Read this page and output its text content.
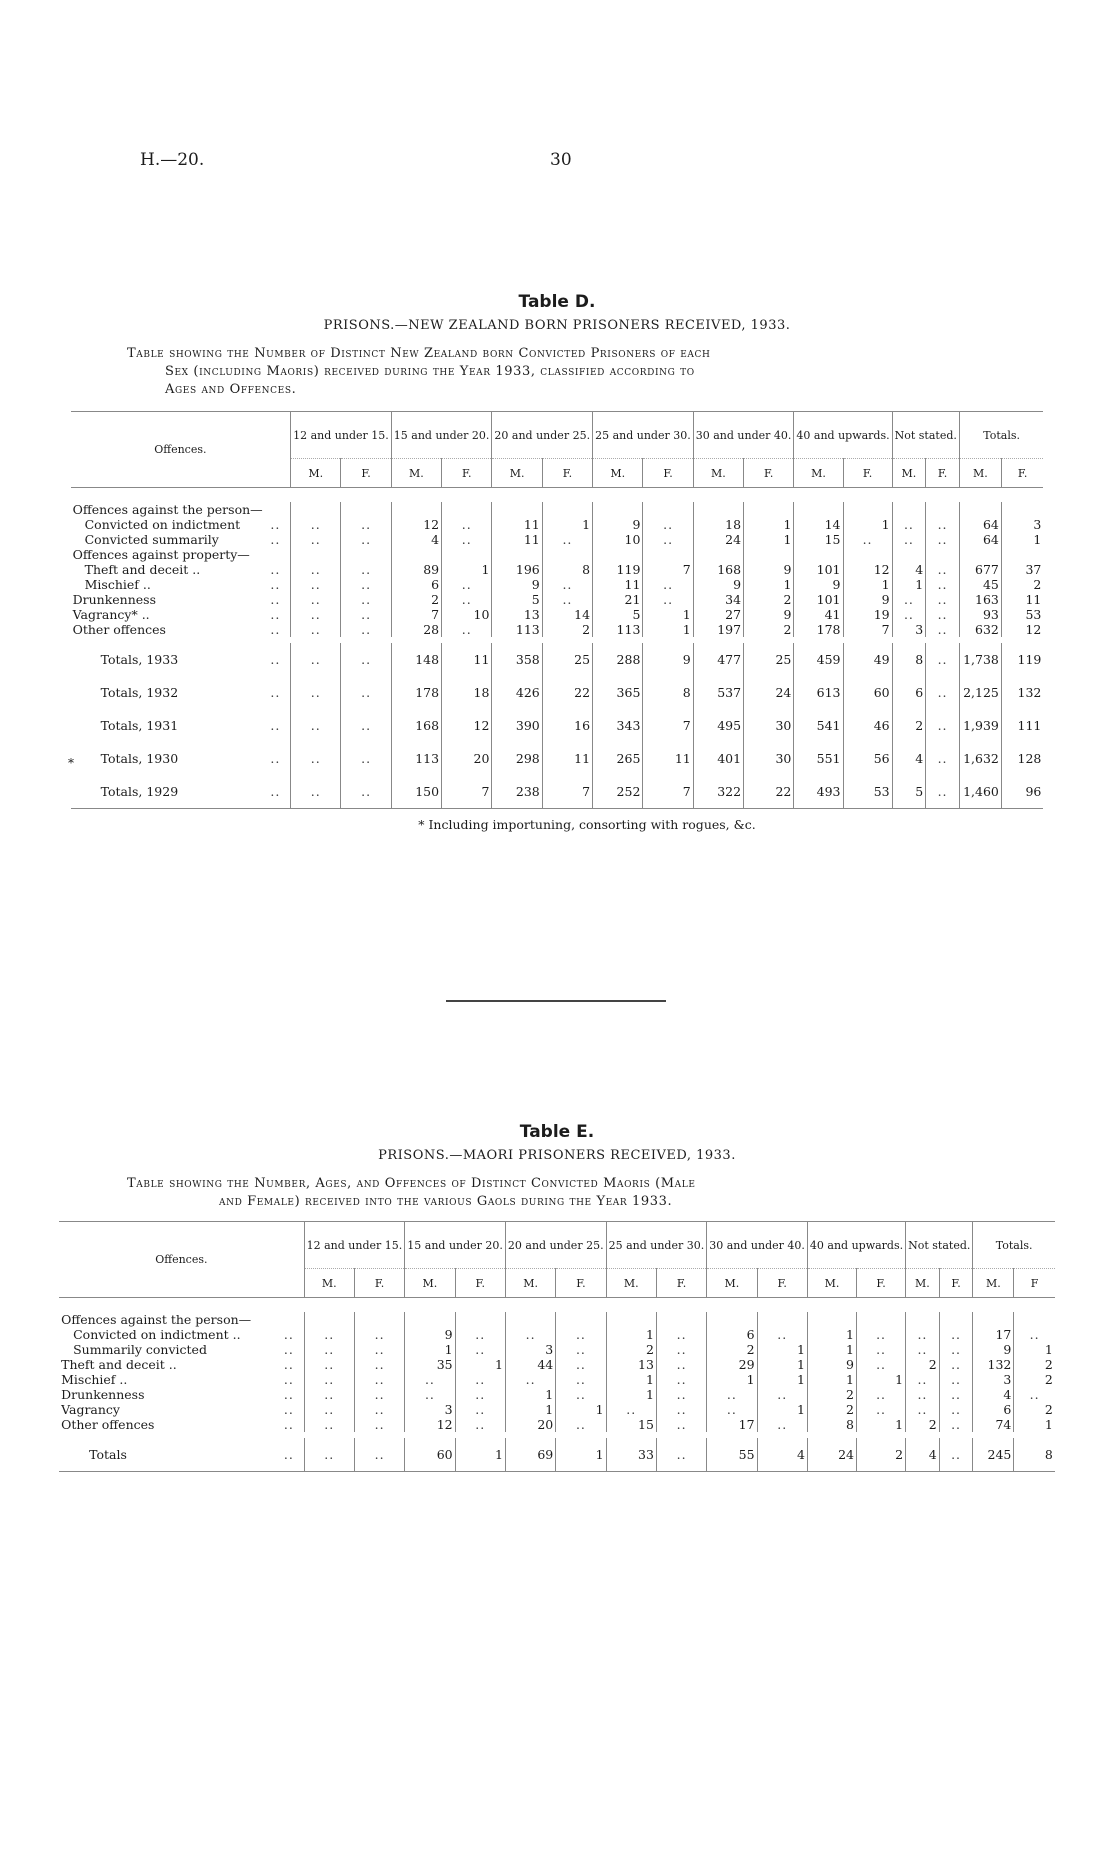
H.—20.	30
*
Table D.
PRISONS.—NEW ZEALAND BORN PRISONERS RECEIVED, 1933.
Table showing the Number of Distinct New Zealand born Convicted Prisoners of each
Sex (including Maoris) received during the Year 1933, classified according to
Ages and Offences.
Offences.		12 and under 15.		15 and under 20.		20 and under 25.		25 and under 30.		30 and under 40.		40 and upwards.		Not stated.		Totals.	
		M.	F.	M.	F.	M.	F.	M.	F.	M.	F.	M.	F.	M.	F.	M.	F.

Offences against the person—																	
Convicted on indictment	..	..	..	12	..	11	1	9	..	18	1	14	1	..	..	64	3
Convicted summarily	..	..	..	4	..	11	..	10	..	24	1	15	..	..	..	64	1
Offences against property—																	
Theft and deceit ..	..	..	..	89	1	196	8	119	7	168	9	101	12	4	..	677	37
Mischief ..	..	..	..	6	..	9	..	11	..	9	1	9	1	1	..	45	2
Drunkenness	..	..	..	2	..	5	..	21	..	34	2	101	9	..	..	163	11
Vagrancy* ..	..	..	..	7	10	13	14	5	1	27	9	41	19	..	..	93	53
Other offences	..	..	..	28	..	113	2	113	1	197	2	178	7	3	..	632	12

Totals, 1933	..	..	..	148	11	358	25	288	9	477	25	459	49	8	..	1,738	119
Totals, 1932	..	..	..	178	18	426	22	365	8	537	24	613	60	6	..	2,125	132
Totals, 1931	..	..	..	168	12	390	16	343	7	495	30	541	46	2	..	1,939	111
Totals, 1930	..	..	..	113	20	298	11	265	11	401	30	551	56	4	..	1,632	128
Totals, 1929	..	..	..	150	7	238	7	252	7	322	22	493	53	5	..	1,460	96
* Including importuning, consorting with rogues, &c.
Table E.
PRISONS.—MAORI PRISONERS RECEIVED, 1933.
Table showing the Number, Ages, and Offences of Distinct Convicted Maoris (Male
and Female) received into the various Gaols during the Year 1933.
Offences.		12 and under 15.		15 and under 20.		20 and under 25.		25 and under 30.		30 and under 40.		40 and upwards.		Not stated.		Totals.	
		M.	F.	M.	F.	M.	F.	M.	F.	M.	F.	M.	F.	M.	F.	M.	F

Offences against the person—																	
Convicted on indictment ..	..	..	..	9	..	..	..	1	..	6	..	1	..	..	..	17	..
Summarily convicted	..	..	..	1	..	3	..	2	..	2	1	1	..	..	..	9	1
Theft and deceit ..	..	..	..	35	1	44	..	13	..	29	1	9	..	2	..	132	2
Mischief ..	..	..	..	..	..	..	..	1	..	1	1	1	1	..	..	3	2
Drunkenness	..	..	..	..	..	1	..	1	..	..	..	2	..	..	..	4	..
Vagrancy	..	..	..	3	..	1	1	..	..	..	1	2	..	..	..	6	2
Other offences	..	..	..	12	..	20	..	15	..	17	..	8	1	2	..	74	1

Totals	..	..	..	60	1	69	1	33	..	55	4	24	2	4	..	245	8
